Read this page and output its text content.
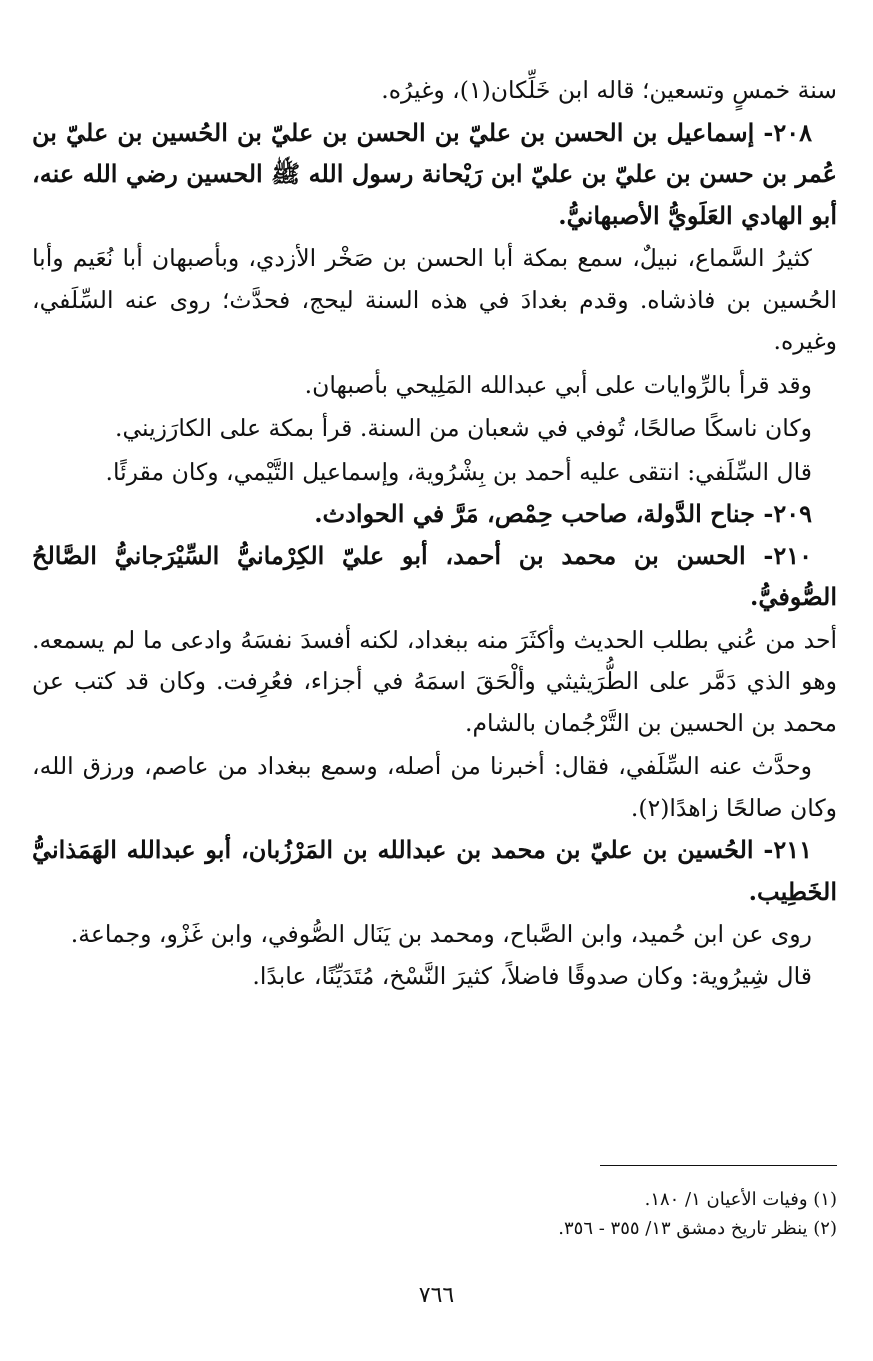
سنة خمسٍ وتسعين؛ قاله ابن خَلِّكان(١)، وغيرُه.

٢٠٨- إسماعيل بن الحسن بن عليّ بن الحسن بن عليّ بن الحُسين بن عليّ بن عُمر بن حسن بن عليّ بن عليّ ابن رَيْحانة رسول الله ﷺ الحسين رضي الله عنه، أبو الهادي العَلَويُّ الأصبهانيُّ.

كثيرُ السَّماع، نبيلٌ، سمع بمكة أبا الحسن بن صَخْر الأزدي، وبأصبهان أبا نُعَيم وأبا الحُسين بن فاذشاه. وقدم بغدادَ في هذه السنة ليحج، فحدَّث؛ روى عنه السِّلَفي، وغيره.

وقد قرأ بالرِّوايات على أبي عبدالله المَلِيحي بأصبهان.

وكان ناسكًا صالحًا، تُوفي في شعبان من السنة. قرأ بمكة على الكارَزيني.

قال السِّلَفي: انتقى عليه أحمد بن بِشْرُوية، وإسماعيل التَّيْمي، وكان مقرئًا.

٢٠٩- جناح الدَّولة، صاحب حِمْص، مَرَّ في الحوادث.

٢١٠- الحسن بن محمد بن أحمد، أبو عليّ الكِرْمانيُّ السِّيْرَجانيُّ الصَّالحُ الصُّوفيُّ.

أحد من عُني بطلب الحديث وأكثَرَ منه ببغداد، لكنه أفسدَ نفسَهُ وادعى ما لم يسمعه. وهو الذي دَمَّر على الطُّرَيثيثي وألْحَقَ اسمَهُ في أجزاء، فعُرِفت. وكان قد كتب عن محمد بن الحسين بن التَّرْجُمان بالشام.

وحدَّث عنه السِّلَفي، فقال: أخبرنا من أصله، وسمع ببغداد من عاصم، ورزق الله، وكان صالحًا زاهدًا(٢).

٢١١- الحُسين بن عليّ بن محمد بن عبدالله بن المَرْزُبان، أبو عبدالله الهَمَذانيُّ الخَطِيب.

روى عن ابن حُميد، وابن الصَّباح، ومحمد بن يَنَال الصُّوفي، وابن غَزْو، وجماعة.

قال شِيرُوية: وكان صدوقًا فاضلاً، كثيرَ النَّسْخ، مُتَدَيِّنًا، عابدًا.

(١) وفيات الأعيان ١/ ١٨٠.

(٢) ينظر تاريخ دمشق ١٣/ ٣٥٥ - ٣٥٦.

٧٦٦
